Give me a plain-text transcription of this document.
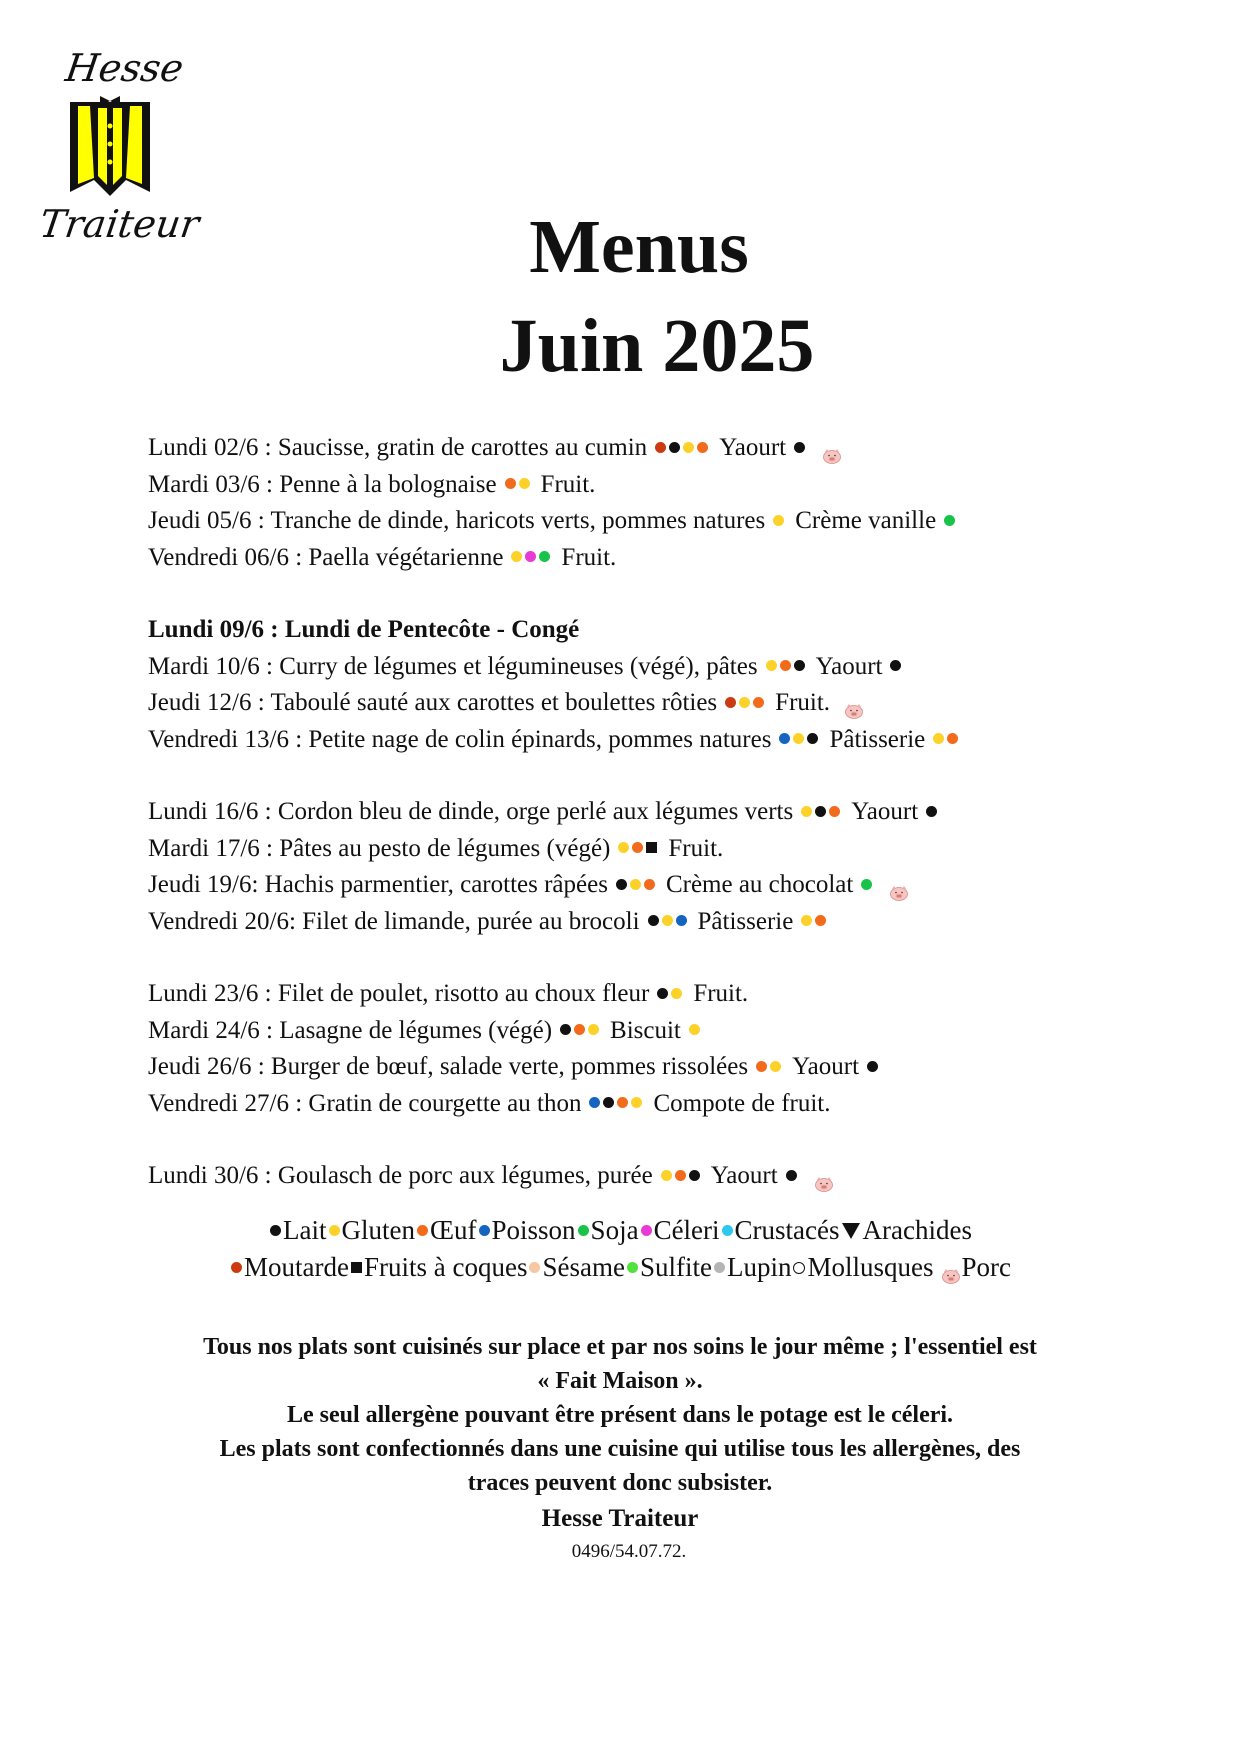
Hesse
Traiteur	Menus
Juin 2025
Lundi 02/6 : Saucisse, gratin de carottes au cumin	Yaourt
Mardi 03/6 : Penne à la bolognaise Fruit.
Jeudi 05/6 : Tranche de dinde, haricots verts, pommes natures Crème vanille
Vendredi 06/6 : Paella végétarienne Fruit.
Lundi 09/6 : Lundi de Pentecôte - Congé
Mardi 10/6 : Curry de légumes et légumineuses (végé), pâtes Yaourt
Jeudi 12/6 : Taboulé sauté aux carottes et boulettes rôties Fruit.
Vendredi 13/6 : Petite nage de colin épinards, pommes natures Pâtisserie
Lundi 16/6 : Cordon bleu de dinde, orge perlé aux légumes verts Yaourt
Mardi 17/6 : Pâtes au pesto de légumes (végé) Fruit.
Jeudi 19/6: Hachis parmentier, carottes râpées Crème au chocolat
Vendredi 20/6: Filet de limande, purée au brocoli Pâtisserie
Lundi 23/6 : Filet de poulet, risotto au choux fleur Fruit.
Mardi 24/6 : Lasagne de légumes (végé) Biscuit
Jeudi 26/6 : Burger de bœuf, salade verte, pommes rissolées Yaourt
Vendredi 27/6 : Gratin de courgette au thon	Compote de fruit.
Lundi 30/6 : Goulasch de porc aux légumes, purée Yaourt
Lait Gluten Œuf Poisson Soja Céleri Crustacés Arachides
Moutarde Fruits à coques Sésame Sulfite Lupin Mollusques Porc
Tous nos plats sont cuisinés sur place et par nos soins le jour même ; l'essentiel est
« Fait Maison ».
Le seul allergène pouvant être présent dans le potage est le céleri.
Les plats sont confectionnés dans une cuisine qui utilise tous les allergènes, des
traces peuvent donc subsister.
Hesse Traiteur
0496/54.07.72.
